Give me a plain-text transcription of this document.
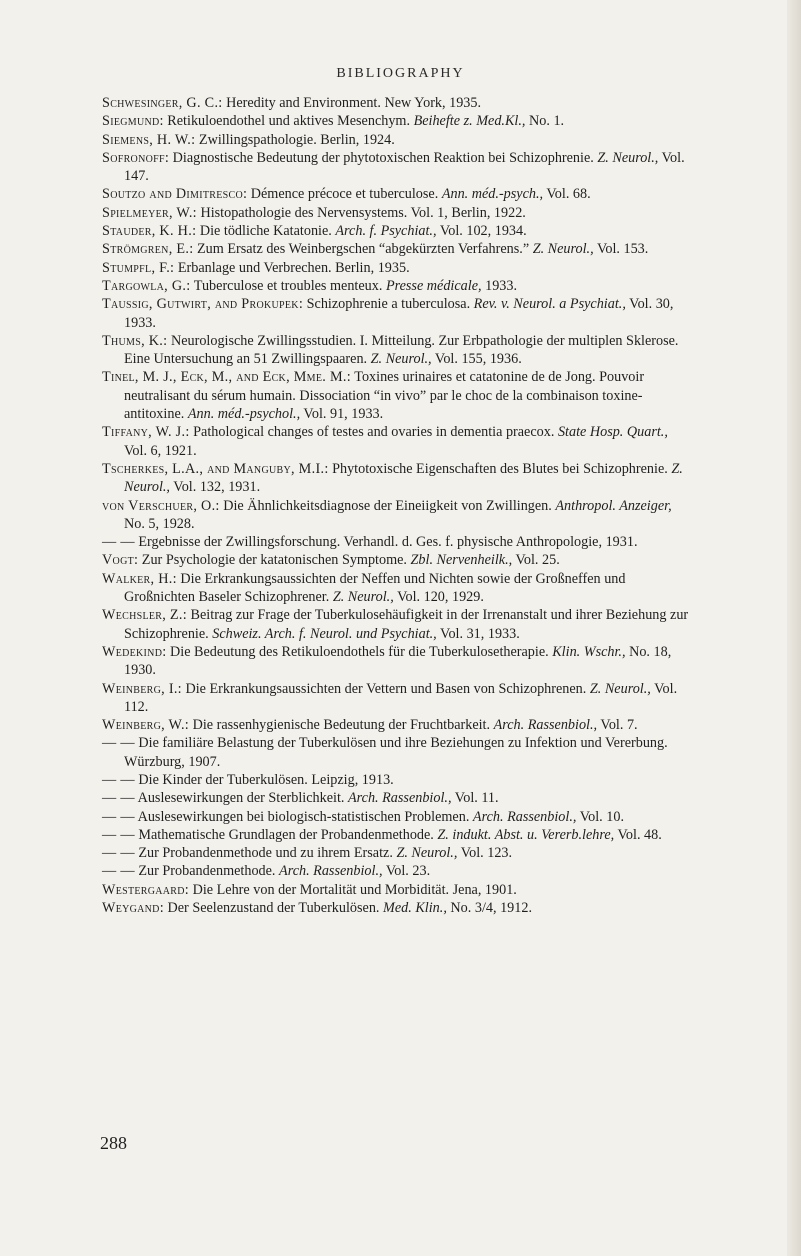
BIBLIOGRAPHY

Schwesinger, G. C.: Heredity and Environment. New York, 1935.

Siegmund: Retikuloendothel und aktives Mesenchym. Beihefte z. Med.Kl., No. 1.

Siemens, H. W.: Zwillingspathologie. Berlin, 1924.

Sofronoff: Diagnostische Bedeutung der phytotoxischen Reaktion bei Schizophrenie. Z. Neurol., Vol. 147.

Soutzo and Dimitresco: Démence précoce et tuberculose. Ann. méd.-psych., Vol. 68.

Spielmeyer, W.: Histopathologie des Nervensystems. Vol. 1, Berlin, 1922.

Stauder, K. H.: Die tödliche Katatonie. Arch. f. Psychiat., Vol. 102, 1934.

Strömgren, E.: Zum Ersatz des Weinbergschen “abgekürzten Verfahrens.” Z. Neurol., Vol. 153.

Stumpfl, F.: Erbanlage und Verbrechen. Berlin, 1935.

Targowla, G.: Tuberculose et troubles menteux. Presse médicale, 1933.

Taussig, Gutwirt, and Prokupek: Schizophrenie a tuberculosa. Rev. v. Neurol. a Psychiat., Vol. 30, 1933.

Thums, K.: Neurologische Zwillingsstudien. I. Mitteilung. Zur Erbpathologie der multiplen Sklerose. Eine Untersuchung an 51 Zwillingspaaren. Z. Neurol., Vol. 155, 1936.

Tinel, M. J., Eck, M., and Eck, Mme. M.: Toxines urinaires et catatonine de de Jong. Pouvoir neutralisant du sérum humain. Dissociation “in vivo” par le choc de la combinaison toxine-antitoxine. Ann. méd.-psychol., Vol. 91, 1933.

Tiffany, W. J.: Pathological changes of testes and ovaries in dementia praecox. State Hosp. Quart., Vol. 6, 1921.

Tscherkes, L.A., and Manguby, M.I.: Phytotoxische Eigenschaften des Blutes bei Schizophrenie. Z. Neurol., Vol. 132, 1931.

von Verschuer, O.: Die Ähnlichkeitsdiagnose der Eineiigkeit von Zwillingen. Anthropol. Anzeiger, No. 5, 1928.

— — Ergebnisse der Zwillingsforschung. Verhandl. d. Ges. f. physische Anthropologie, 1931.

Vogt: Zur Psychologie der katatonischen Symptome. Zbl. Nervenheilk., Vol. 25.

Walker, H.: Die Erkrankungsaussichten der Neffen und Nichten sowie der Großneffen und Großnichten Baseler Schizophrener. Z. Neurol., Vol. 120, 1929.

Wechsler, Z.: Beitrag zur Frage der Tuberkulosehäufigkeit in der Irrenanstalt und ihrer Beziehung zur Schizophrenie. Schweiz. Arch. f. Neurol. und Psychiat., Vol. 31, 1933.

Wedekind: Die Bedeutung des Retikuloendothels für die Tuberkulosetherapie. Klin. Wschr., No. 18, 1930.

Weinberg, I.: Die Erkrankungsaussichten der Vettern und Basen von Schizophrenen. Z. Neurol., Vol. 112.

Weinberg, W.: Die rassenhygienische Bedeutung der Fruchtbarkeit. Arch. Rassenbiol., Vol. 7.

— — Die familiäre Belastung der Tuberkulösen und ihre Beziehungen zu Infektion und Vererbung. Würzburg, 1907.

— — Die Kinder der Tuberkulösen. Leipzig, 1913.

— — Auslesewirkungen der Sterblichkeit. Arch. Rassenbiol., Vol. 11.

— — Auslesewirkungen bei biologisch-statistischen Problemen. Arch. Rassenbiol., Vol. 10.

— — Mathematische Grundlagen der Probandenmethode. Z. indukt. Abst. u. Vererb.lehre, Vol. 48.

— — Zur Probandenmethode und zu ihrem Ersatz. Z. Neurol., Vol. 123.

— — Zur Probandenmethode. Arch. Rassenbiol., Vol. 23.

Westergaard: Die Lehre von der Mortalität und Morbidität. Jena, 1901.

Weygand: Der Seelenzustand der Tuberkulösen. Med. Klin., No. 3/4, 1912.

288
